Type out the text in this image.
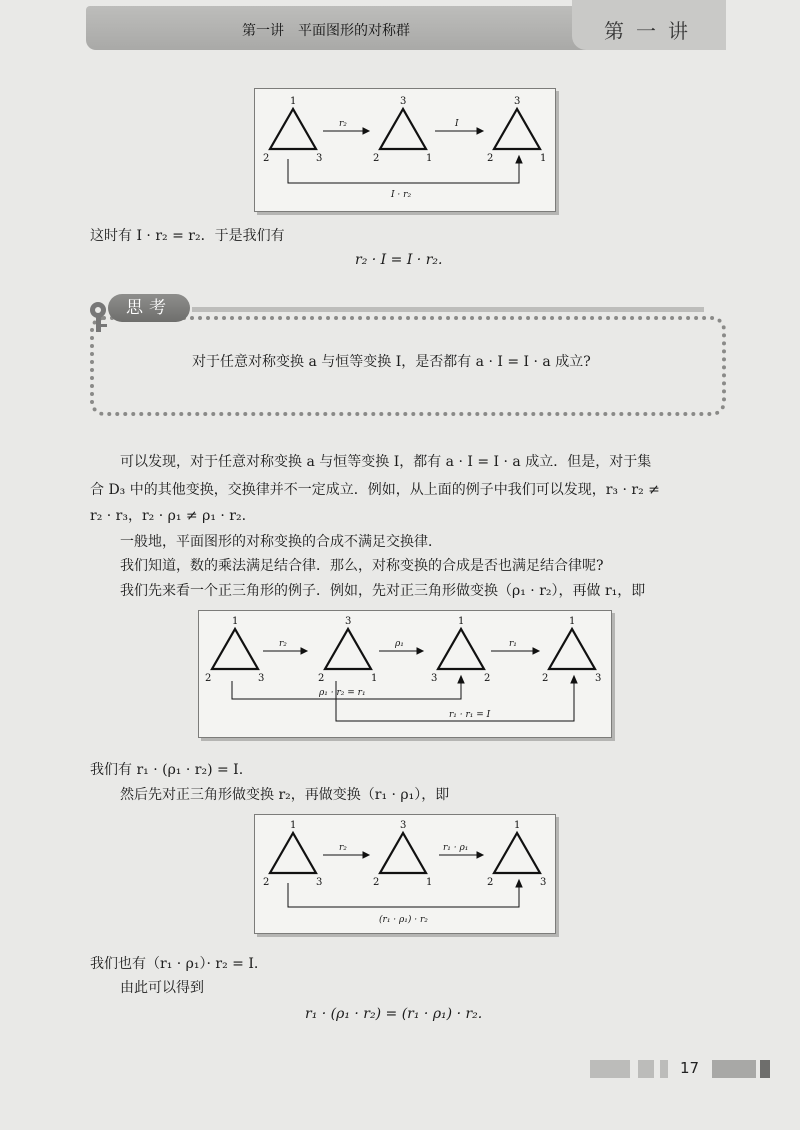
第一讲　平面图形的对称群	第一讲
1
2	3
3
2	1
3
2	1
r₂	I
I · r₂
这时有 I · r₂ = r₂．于是我们有
r₂ · I = I · r₂.
思考
对于任意对称变换 a 与恒等变换 I，是否都有 a · I = I · a 成立?
可以发现，对于任意对称变换 a 与恒等变换 I，都有 a · I = I · a 成立．但是，对于集
合 D₃ 中的其他变换，交换律并不一定成立．例如，从上面的例子中我们可以发现，r₃ · r₂ ≠
r₂ · r₃，r₂ · ρ₁ ≠ ρ₁ · r₂.
一般地，平面图形的对称变换的合成不满足交换律．
我们知道，数的乘法满足结合律．那么，对称变换的合成是否也满足结合律呢?
我们先来看一个正三角形的例子．例如，先对正三角形做变换（ρ₁ · r₂），再做 r₁，即
1
2	3
3
2	1
1
3	2
1
2	3
r₂	ρ₁	r₁
ρ₁ · r₂ = r₁
r₁ · r₁ = I
我们有 r₁ · (ρ₁ · r₂) = I.
然后先对正三角形做变换 r₂，再做变换（r₁ · ρ₁），即
1
2	3
3
2	1
1
2	3
r₂	r₁ · ρ₁
(r₁ · ρ₁) · r₂
我们也有（r₁ · ρ₁）· r₂ = I.
由此可以得到
r₁ · (ρ₁ · r₂) = (r₁ · ρ₁) · r₂.
17
